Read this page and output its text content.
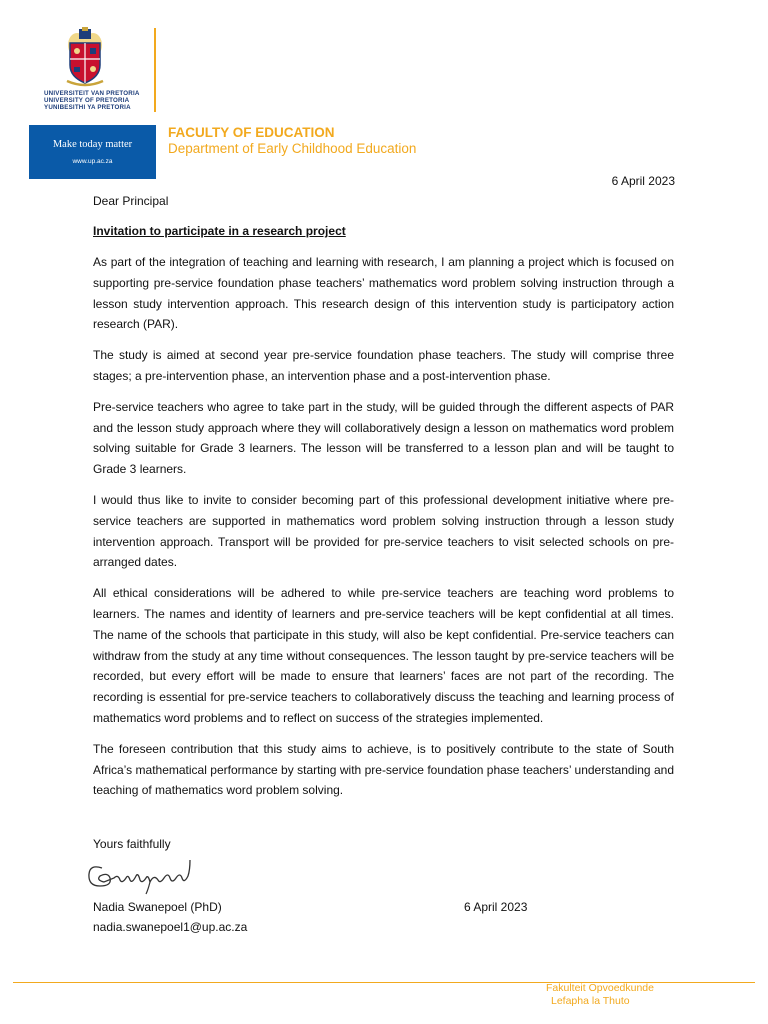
UNIVERSITEIT VAN PRETORIA
UNIVERSITY OF PRETORIA
YUNIBESITHI YA PRETORIA
Make today matter
www.up.ac.za
FACULTY OF EDUCATION
Department of Early Childhood Education
6 April 2023
Dear Principal
Invitation to participate in a research project

As part of the integration of teaching and learning with research, I am planning a project which is focused on supporting pre-service foundation phase teachers’ mathematics word problem solving instruction through a lesson study intervention approach. This research design of this intervention study is participatory action research (PAR).

The study is aimed at second year pre-service foundation phase teachers. The study will comprise three stages; a pre-intervention phase, an intervention phase and a post-intervention phase.

Pre-service teachers who agree to take part in the study, will be guided through the different aspects of PAR and the lesson study approach where they will collaboratively design a lesson on mathematics word problem solving suitable for Grade 3 learners. The lesson will be transferred to a lesson plan and will be taught to Grade 3 learners.

I would thus like to invite to consider becoming part of this professional development initiative where pre-service teachers are supported in mathematics word problem solving instruction through a lesson study intervention approach. Transport will be provided for pre-service teachers to visit selected schools on pre-arranged dates.

All ethical considerations will be adhered to while pre-service teachers are teaching word problems to learners. The names and identity of learners and pre-service teachers will be kept confidential at all times. The name of the schools that participate in this study, will also be kept confidential. Pre-service teachers can withdraw from the study at any time without consequences. The lesson taught by pre-service teachers will be recorded, but every effort will be made to ensure that learners’ faces are not part of the recording. The recording is essential for pre-service teachers to collaboratively discuss the teaching and learning process of mathematics word problems and to reflect on success of the strategies implemented.

The foreseen contribution that this study aims to achieve, is to positively contribute to the state of South Africa’s mathematical performance by starting with pre-service foundation phase teachers’ understanding and teaching of mathematics word problem solving.

Yours faithfully
Nadia Swanepoel (PhD)	6 April 2023
nadia.swanepoel1@up.ac.za
Fakulteit Opvoedkunde
Lefapha la Thuto
